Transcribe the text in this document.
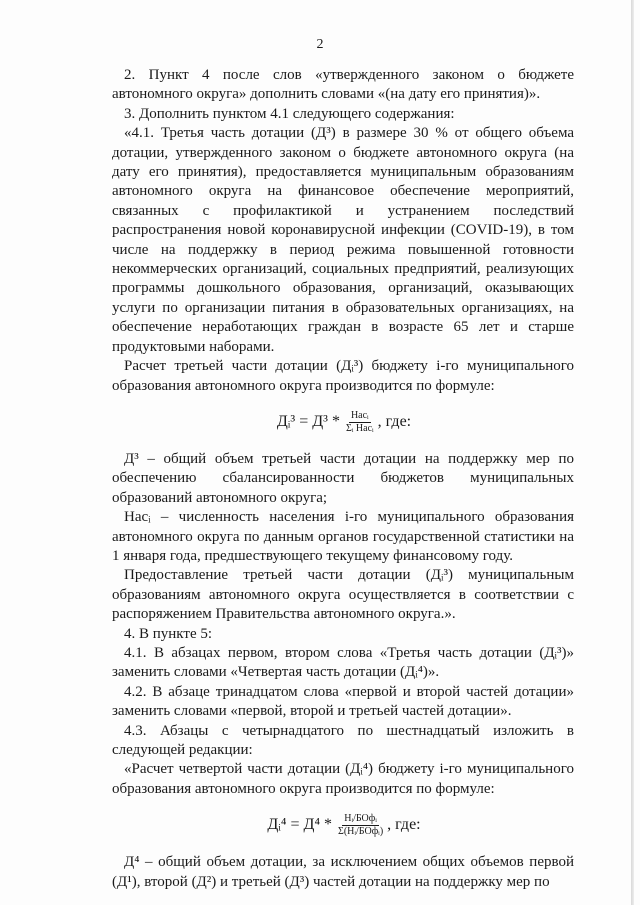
2

2. Пункт 4 после слов «утвержденного законом о бюджете автономного округа» дополнить словами «(на дату его принятия)».

3. Дополнить пунктом 4.1 следующего содержания:

«4.1. Третья часть дотации (Д³) в размере 30 % от общего объема дотации, утвержденного законом о бюджете автономного округа (на дату его принятия), предоставляется муниципальным образованиям автономного округа на финансовое обеспечение мероприятий, связанных с профилактикой и устранением последствий распространения новой коронавирусной инфекции (COVID-19), в том числе на поддержку в период режима повышенной готовности некоммерческих организаций, социальных предприятий, реализующих программы дошкольного образования, организаций, оказывающих услуги по организации питания в образовательных организациях, на обеспечение неработающих граждан в возрасте 65 лет и старше продуктовыми наборами.

Расчет третьей части дотации (Дᵢ³) бюджету i-го муниципального образования автономного округа производится по формуле:

Дᵢ³ = $Д^3 * \frac{\text{Насᵢ}}{\text{Σᵢ Насᵢ}}$ , где:

Д³ – общий объем третьей части дотации на поддержку мер по обеспечению сбалансированности бюджетов муниципальных образований автономного округа;

Насᵢ – численность населения i-го муниципального образования автономного округа по данным органов государственной статистики на 1 января года, предшествующего текущему финансовому году.

Предоставление третьей части дотации (Дᵢ³) муниципальным образованиям автономного округа осуществляется в соответствии с распоряжением Правительства автономного округа.».

4. В пункте 5:

4.1. В абзацах первом, втором слова «Третья часть дотации (Дᵢ³)» заменить словами «Четвертая часть дотации (Дᵢ⁴)».

4.2. В абзаце тринадцатом слова «первой и второй частей дотации» заменить словами «первой, второй и третьей частей дотации».

4.3. Абзацы с четырнадцатого по шестнадцатый изложить в следующей редакции:

«Расчет четвертой части дотации (Дᵢ⁴) бюджету i-го муниципального образования автономного округа производится по формуле:

Дᵢ⁴ = $Д^4 * \frac{\text{Hᵢ/БОфᵢ}}{\text{Σ(Hᵢ/БОфᵢ)}}$ , где:

Д⁴ – общий объем дотации, за исключением общих объемов первой (Д¹), второй (Д²) и третьей (Д³) частей дотации на поддержку мер по
